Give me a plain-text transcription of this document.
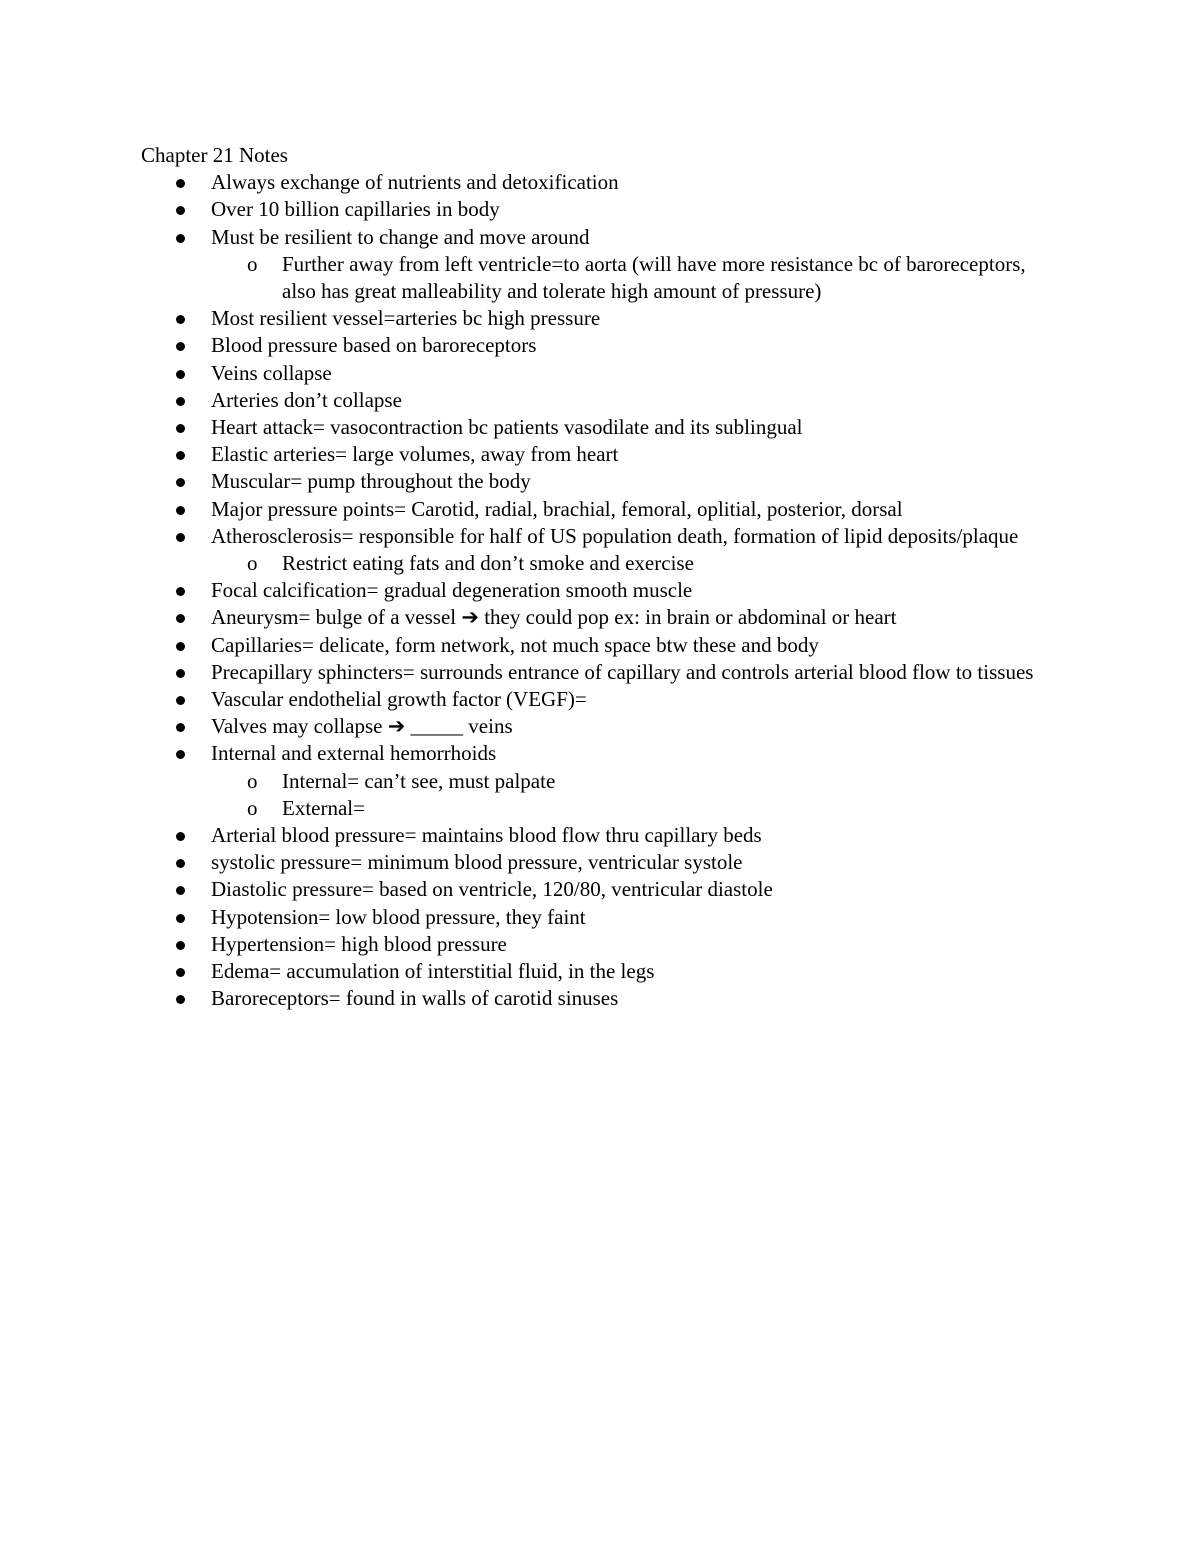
Chapter 21 Notes
Always exchange of nutrients and detoxification
Over 10 billion capillaries in body
Must be resilient to change and move around
o Further away from left ventricle=to aorta (will have more resistance bc of baroreceptors, also has great malleability and tolerate high amount of pressure)
Most resilient vessel=arteries bc high pressure
Blood pressure based on baroreceptors
Veins collapse
Arteries don’t collapse
Heart attack= vasocontraction bc patients vasodilate and its sublingual
Elastic arteries= large volumes, away from heart
Muscular= pump throughout the body
Major pressure points= Carotid, radial, brachial, femoral, oplitial, posterior, dorsal
Atherosclerosis= responsible for half of US population death, formation of lipid deposits/plaque
o Restrict eating fats and don’t smoke and exercise
Focal calcification= gradual degeneration smooth muscle
Aneurysm= bulge of a vessel ➔ they could pop ex: in brain or abdominal or heart
Capillaries= delicate, form network, not much space btw these and body
Precapillary sphincters= surrounds entrance of capillary and controls arterial blood flow to tissues
Vascular endothelial growth factor (VEGF)=
Valves may collapse ➔ _____ veins
Internal and external hemorrhoids
o Internal= can’t see, must palpate
o External=
Arterial blood pressure= maintains blood flow thru capillary beds
systolic pressure= minimum blood pressure, ventricular systole
Diastolic pressure= based on ventricle, 120/80, ventricular diastole
Hypotension= low blood pressure, they faint
Hypertension= high blood pressure
Edema= accumulation of interstitial fluid, in the legs
Baroreceptors= found in walls of carotid sinuses
